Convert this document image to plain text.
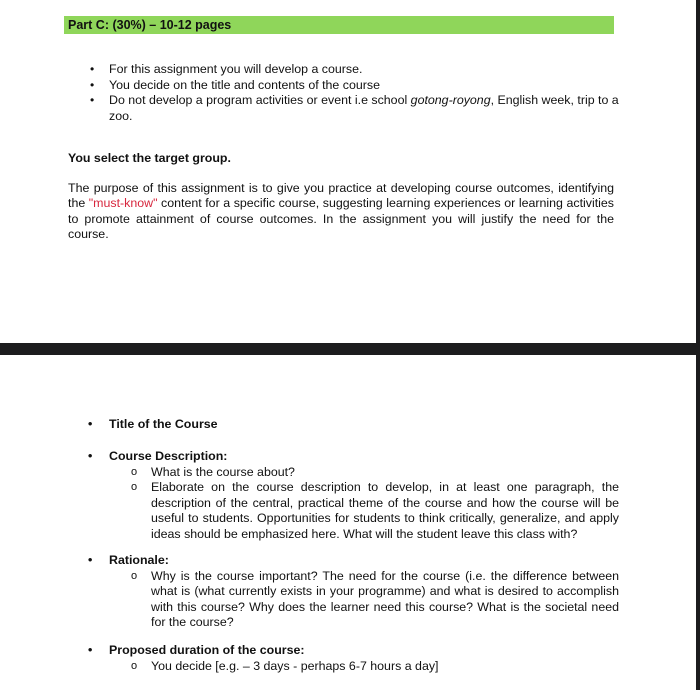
Part C: (30%) – 10-12 pages
• For this assignment you will develop a course.
• You decide on the title and contents of the course
• Do not develop a program activities or event i.e school gotong-royong, English week, trip to a zoo.
You select the target group.
The purpose of this assignment is to give you practice at developing course outcomes, identifying the "must-know" content for a specific course, suggesting learning experiences or learning activities to promote attainment of course outcomes. In the assignment you will justify the need for the course.
• Title of the Course
• Course Description:
o What is the course about?
o Elaborate on the course description to develop, in at least one paragraph, the description of the central, practical theme of the course and how the course will be useful to students. Opportunities for students to think critically, generalize, and apply ideas should be emphasized here. What will the student leave this class with?
• Rationale:
o Why is the course important? The need for the course (i.e. the difference between what is (what currently exists in your programme) and what is desired to accomplish with this course? Why does the learner need this course? What is the societal need for the course?
• Proposed duration of the course:
o You decide [e.g. – 3 days - perhaps 6-7 hours a day]
